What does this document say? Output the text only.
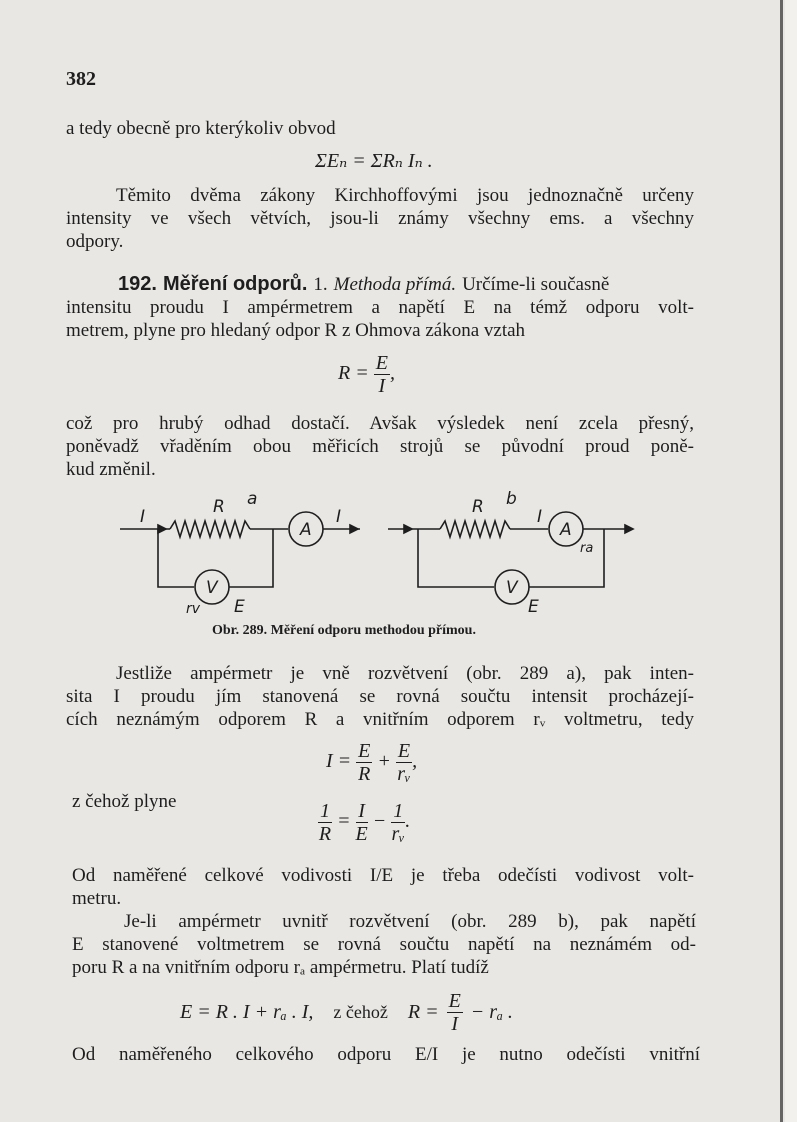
382
a tedy obecně pro kterýkoliv obvod
ΣEₙ = ΣRₙ Iₙ .
Těmito dvěma zákony Kirchhoffovými jsou jednoznačně určeny
intensity ve všech větvích, jsou-li známy všechny ems. a všechny
odpory.
192. Měření odporů. 1. Methoda přímá. Určíme-li současně
intensitu proudu I ampérmetrem a napětí E na témž odporu volt-
metrem, plyne pro hledaný odpor R z Ohmova zákona vztah
$R = \frac{E}{I}$ ,
což pro hrubý odhad dostačí. Avšak výsledek není zcela přesný,
poněvadž vřaděním obou měřicích strojů se původní proud poně-
kud změnil.
R a
I	I
A
V
rv E
R b
I
A
ra
V
E
Obr. 289. Měření odporu methodou přímou.
Jestliže ampérmetr je vně rozvětvení (obr. 289 a), pak inten-
sita I proudu jím stanovená se rovná součtu intensit procházejí-
cích neznámým odporem R a vnitřním odporem rᵥ voltmetru, tedy
$I = \frac{E}{R} + \frac{E}{\text{rᵥ}}$ ,
z čehož plyne	$\frac{1}{R} = \frac{I}{E} - \frac{1}{\text{rᵥ}}$ .
Od naměřené celkové vodivosti I/E je třeba odečísti vodivost volt-
metru.
Je-li ampérmetr uvnitř rozvětvení (obr. 289 b), pak napětí
E stanovené voltmetrem se rovná součtu napětí na neznámém od-
poru R a na vnitřním odporu rₐ ampérmetru. Platí tudíž
E = R . I + rₐ . I, z čehož $R = \frac{E}{I} - r_a$ .
Od naměřeného celkového odporu E/I je nutno odečísti vnitřní
